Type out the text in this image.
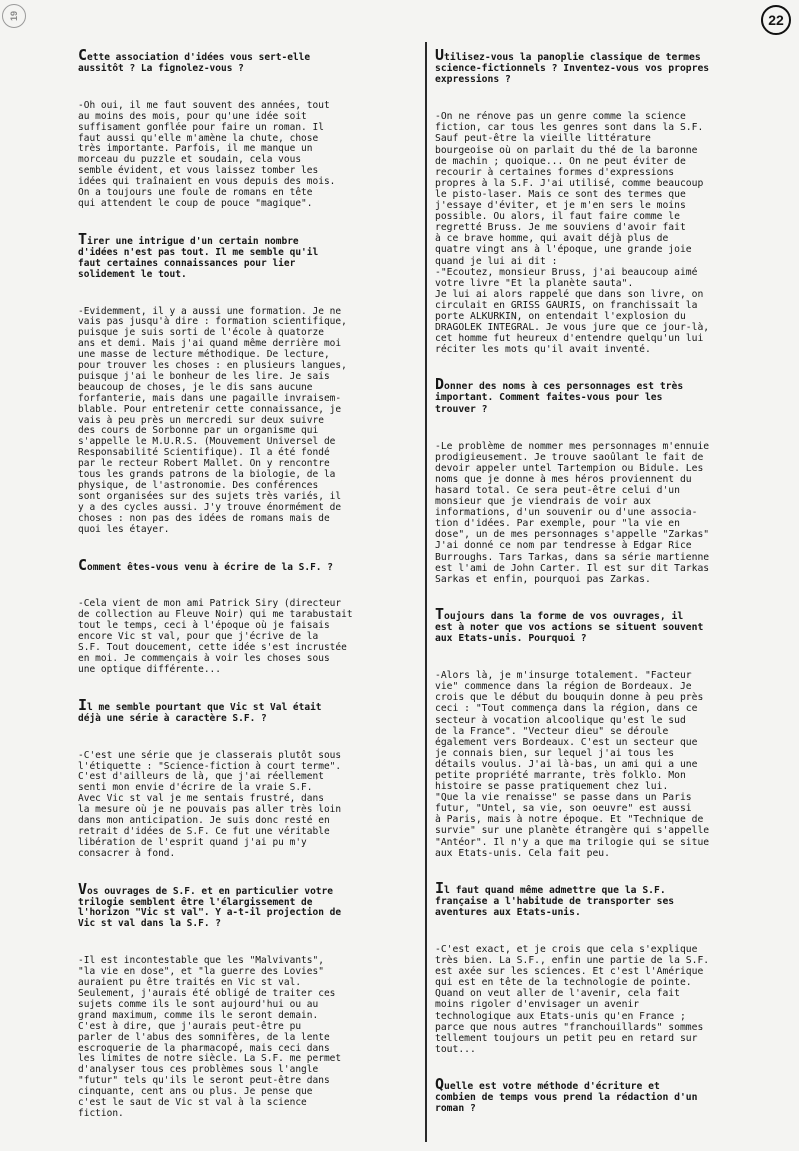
19	22

Cette association d'idées vous sert-elle
aussitôt ? La fignolez-vous ?

-Oh oui, il me faut souvent des années, tout
au moins des mois, pour qu'une idée soit
suffisament gonflée pour faire un roman. Il
faut aussi qu'elle m'amène la chute, chose
très importante. Parfois, il me manque un
morceau du puzzle et soudain, cela vous
semble évident, et vous laissez tomber les
idées qui traînaient en vous depuis des mois.
On a toujours une foule de romans en tête
qui attendent le coup de pouce "magique".

Tirer une intrigue d'un certain nombre
d'idées n'est pas tout. Il me semble qu'il
faut certaines connaissances pour lier
solidement le tout.

-Evidemment, il y a aussi une formation. Je ne
vais pas jusqu'à dire : formation scientifique,
puisque je suis sorti de l'école à quatorze
ans et demi. Mais j'ai quand même derrière moi
une masse de lecture méthodique. De lecture,
pour trouver les choses : en plusieurs langues,
puisque j'ai le bonheur de les lire. Je sais
beaucoup de choses, je le dis sans aucune
forfanterie, mais dans une pagaille invraisem-
blable. Pour entretenir cette connaissance, je
vais à peu près un mercredi sur deux suivre
des cours de Sorbonne par un organisme qui
s'appelle le M.U.R.S. (Mouvement Universel de
Responsabilité Scientifique). Il a été fondé
par le recteur Robert Mallet. On y rencontre
tous les grands patrons de la biologie, de la
physique, de l'astronomie. Des conférences
sont organisées sur des sujets très variés, il
y a des cycles aussi. J'y trouve énormément de
choses : non pas des idées de romans mais de
quoi les étayer.

Comment êtes-vous venu à écrire de la S.F. ?

-Cela vient de mon ami Patrick Siry (directeur
de collection au Fleuve Noir) qui me tarabustait
tout le temps, ceci à l'époque où je faisais
encore Vic st val, pour que j'écrive de la
S.F. Tout doucement, cette idée s'est incrustée
en moi. Je commençais à voir les choses sous
une optique différente...

Il me semble pourtant que Vic st Val était
déjà une série à caractère S.F. ?

-C'est une série que je classerais plutôt sous
l'étiquette : "Science-fiction à court terme".
C'est d'ailleurs de là, que j'ai réellement
senti mon envie d'écrire de la vraie S.F.
Avec Vic st val je me sentais frustré, dans
la mesure où je ne pouvais pas aller très loin
dans mon anticipation. Je suis donc resté en
retrait d'idées de S.F. Ce fut une véritable
libération de l'esprit quand j'ai pu m'y
consacrer à fond.

Vos ouvrages de S.F. et en particulier votre
trilogie semblent être l'élargissement de
l'horizon "Vic st val". Y a-t-il projection de
Vic st val dans la S.F. ?

-Il est incontestable que les "Malvivants",
"la vie en dose", et "la guerre des Lovies"
auraient pu être traités en Vic st val.
Seulement, j'aurais été obligé de traiter ces
sujets comme ils le sont aujourd'hui ou au
grand maximum, comme ils le seront demain.
C'est à dire, que j'aurais peut-être pu
parler de l'abus des somnifères, de la lente
escroquerie de la pharmacopé, mais ceci dans
les limites de notre siècle. La S.F. me permet
d'analyser tous ces problèmes sous l'angle
"futur" tels qu'ils le seront peut-être dans
cinquante, cent ans ou plus. Je pense que
c'est le saut de Vic st val à la science
fiction.

Utilisez-vous la panoplie classique de termes
science-fictionnels ? Inventez-vous vos propres
expressions ?

-On ne rénove pas un genre comme la science
fiction, car tous les genres sont dans la S.F.
Sauf peut-être la vieille littérature
bourgeoise où on parlait du thé de la baronne
de machin ; quoique... On ne peut éviter de
recourir à certaines formes d'expressions
propres à la S.F. J'ai utilisé, comme beaucoup
le pisto-laser. Mais ce sont des termes que
j'essaye d'éviter, et je m'en sers le moins
possible. Ou alors, il faut faire comme le
regretté Bruss. Je me souviens d'avoir fait
à ce brave homme, qui avait déjà plus de
quatre vingt ans à l'époque, une grande joie
quand je lui ai dit :
-"Ecoutez, monsieur Bruss, j'ai beaucoup aimé
votre livre "Et la planète sauta".
Je lui ai alors rappelé que dans son livre, on
circulait en GRISS GAURIS, on franchissait la
porte ALKURKIN, on entendait l'explosion du
DRAGOLEK INTEGRAL. Je vous jure que ce jour-là,
cet homme fut heureux d'entendre quelqu'un lui
réciter les mots qu'il avait inventé.

Donner des noms à ces personnages est très
important. Comment faites-vous pour les
trouver ?

-Le problème de nommer mes personnages m'ennuie
prodigieusement. Je trouve saoûlant le fait de
devoir appeler untel Tartempion ou Bidule. Les
noms que je donne à mes héros proviennent du
hasard total. Ce sera peut-être celui d'un
monsieur que je viendrais de voir aux
informations, d'un souvenir ou d'une associa-
tion d'idées. Par exemple, pour "la vie en
dose", un de mes personnages s'appelle "Zarkas"
J'ai donné ce nom par tendresse à Edgar Rice
Burroughs. Tars Tarkas, dans sa série martienne
est l'ami de John Carter. Il est sur dit Tarkas
Sarkas et enfin, pourquoi pas Zarkas.

Toujours dans la forme de vos ouvrages, il
est à noter que vos actions se situent souvent
aux Etats-unis. Pourquoi ?

-Alors là, je m'insurge totalement. "Facteur
vie" commence dans la région de Bordeaux. Je
crois que le début du bouquin donne à peu près
ceci : "Tout commença dans la région, dans ce
secteur à vocation alcoolique qu'est le sud
de la France". "Vecteur dieu" se déroule
également vers Bordeaux. C'est un secteur que
je connais bien, sur lequel j'ai tous les
détails voulus. J'ai là-bas, un ami qui a une
petite propriété marrante, très folklo. Mon
histoire se passe pratiquement chez lui.
"Que la vie renaisse" se passe dans un Paris
futur, "Untel, sa vie, son oeuvre" est aussi
à Paris, mais à notre époque. Et "Technique de
survie" sur une planète étrangère qui s'appelle
"Antéor". Il n'y a que ma trilogie qui se situe
aux Etats-unis. Cela fait peu.

Il faut quand même admettre que la S.F.
française a l'habitude de transporter ses
aventures aux Etats-unis.

-C'est exact, et je crois que cela s'explique
très bien. La S.F., enfin une partie de la S.F.
est axée sur les sciences. Et c'est l'Amérique
qui est en tête de la technologie de pointe.
Quand on veut aller de l'avenir, cela fait
moins rigoler d'envisager un avenir
technologique aux Etats-unis qu'en France ;
parce que nous autres "franchouillards" sommes
tellement toujours un petit peu en retard sur
tout...

Quelle est votre méthode d'écriture et
combien de temps vous prend la rédaction d'un
roman ?
